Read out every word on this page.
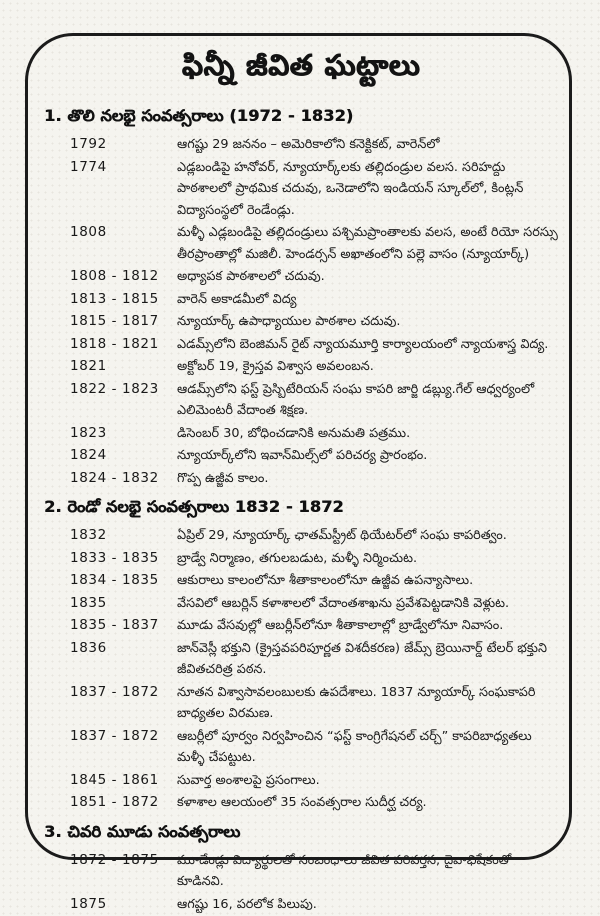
ఫిన్నీ జీవిత ఘట్టాలు
1. తొలి నలభై సంవత్సరాలు (1972 - 1832)
1792	ఆగష్టు 29 జననం – అమెరికాలోని కనెక్టికట్, వారెన్‌లో
1774	ఎడ్లబండిపై హనోవర్, న్యూయార్క్‌లకు తల్లిదండ్రుల వలస. సరిహద్దు పాఠశాలలో ప్రాథమిక చదువు, ఒనెడాలోని ఇండియన్ స్కూల్‌లో, కింట్లన్ విద్యాసంస్థలో రెండేండ్లు.
1808	మళ్ళీ ఎడ్లబండిపై తల్లిదండ్రులు పశ్చిమప్రాంతాలకు వలస, అంటే రియో సరస్సు తీరప్రాంతాల్లో మజిలీ. హెండర్సన్ అఖాతంలోని పల్లె వాసం (న్యూయార్క్)
1808 - 1812	అధ్యాపక పాఠశాలలో చదువు.
1813 - 1815	వారెన్ అకాడమీలో విద్య
1815 - 1817	న్యూయార్క్ ఉపాధ్యాయుల పాఠశాల చదువు.
1818 - 1821	ఎడమ్స్‌లోని బెంజిమన్ రైట్ న్యాయమూర్తి కార్యాలయంలో న్యాయశాస్త్ర విద్య.
1821	అక్టోబర్ 19, క్రైస్తవ విశ్వాస అవలంబన.
1822 - 1823	ఆడమ్స్‌లోని ఫస్ట్ ప్రెస్బిటేరియన్ సంఘ కాపరి జార్జి డబ్ల్యు.గేల్ ఆధ్వర్యంలో ఎలిమెంటరీ వేదాంత శిక్షణ.
1823	డిసెంబర్ 30, బోధించడానికి అనుమతి పత్రము.
1824	న్యూయార్క్‌లోని ఇవాన్‌మిల్స్‌లో పరిచర్య ప్రారంభం.
1824 - 1832	గొప్ప ఉజ్జీవ కాలం.
2. రెండో నలభై సంవత్సరాలు 1832 - 1872
1832	ఏప్రిల్ 29, న్యూయార్క్ ఛాతమ్‌స్ట్రీట్ థియేటర్‌లో సంఘ కాపరిత్వం.
1833 - 1835	బ్రాడ్వే నిర్మాణం, తగులబడుట, మళ్ళీ నిర్మించుట.
1834 - 1835	ఆకురాలు కాలంలోనూ శీతాకాలంలోనూ ఉజ్జీవ ఉపన్యాసాలు.
1835	వేసవిలో ఆబర్లిన్ కళాశాలలో వేదాంతశాఖను ప్రవేశపెట్టడానికి వెళ్లుట.
1835 - 1837	మూడు వేసవుల్లో ఆబర్లీన్‌లోనూ శీతాకాలాల్లో బ్రాడ్వేలోనూ నివాసం.
1836	జాన్‌వెస్లీ భక్తుని (క్రైస్తవపరిపూర్ణత విశదీకరణ) జేమ్స్ బ్రెయినార్డ్ టేలర్ భక్తుని జీవితచరిత్ర పఠన.
1837 - 1872	నూతన విశ్వాసావలంబులకు ఉపదేశాలు. 1837 న్యూయార్క్ సంఘకాపరి బాధ్యతల విరమణ.
1837 - 1872	ఆబర్లీలో పూర్వం నిర్వహించిన “ఫస్ట్ కాంగ్రిగేషనల్ చర్చ్” కాపరిబాధ్యతలు మళ్ళీ చేపట్టుట.
1845 - 1861	సువార్త అంశాలపై ప్రసంగాలు.
1851 - 1872	కళాశాల ఆలయంలో 35 సంవత్సరాల సుదీర్ఘ చర్య.
3. చివరి మూడు సంవత్సరాలు
1872 - 1875	మూడేండ్లు విద్యార్థులతో సంబంధాలు జీవిత పరివర్తన, దైవాభిషేకంతో కూడినవి.
1875	ఆగష్టు 16, పరలోక పిలుపు.
